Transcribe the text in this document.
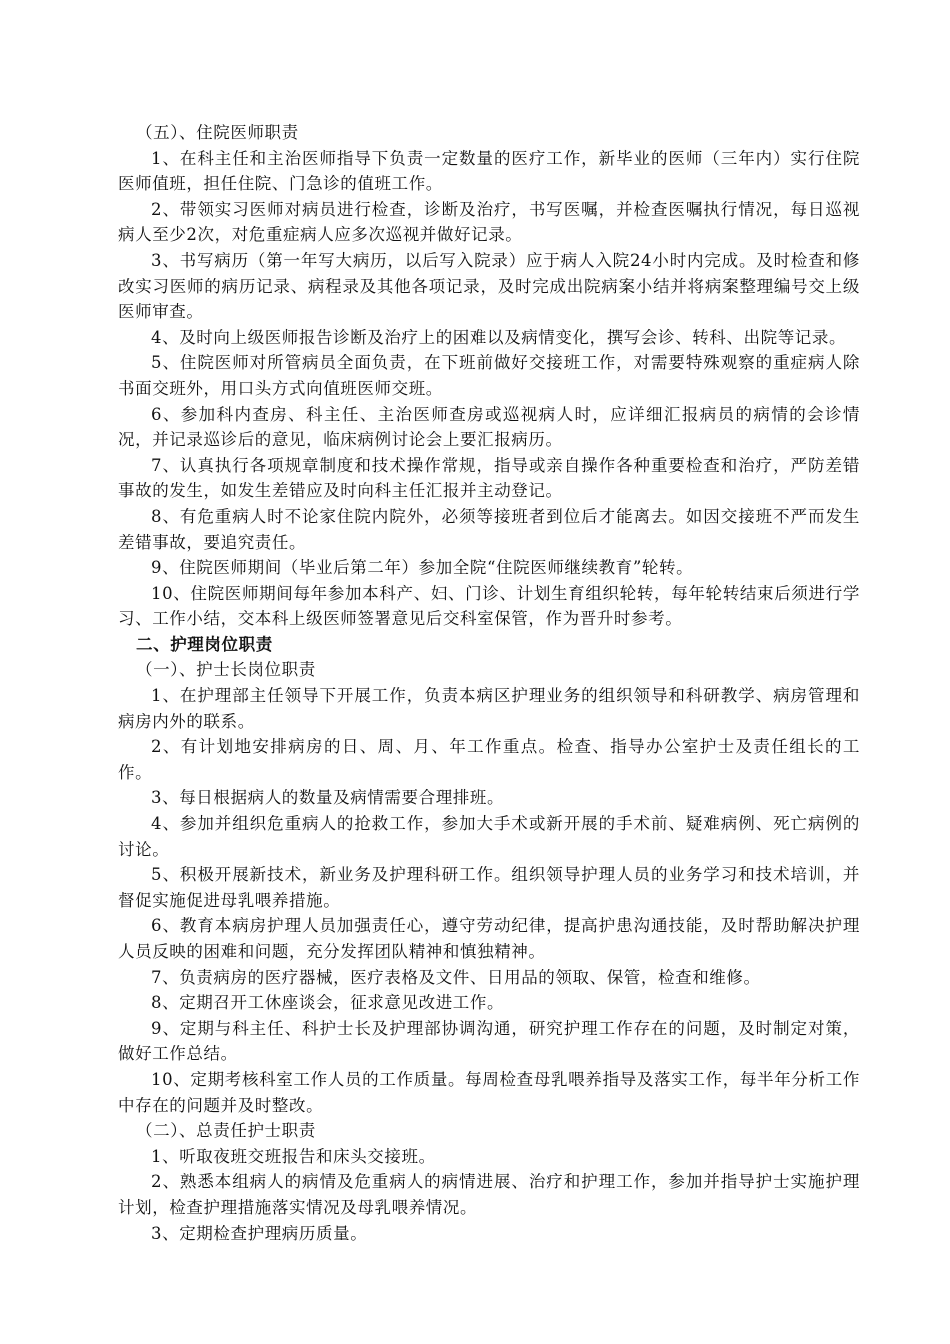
（五）、住院医师职责

1、在科主任和主治医师指导下负责一定数量的医疗工作，新毕业的医师（三年内）实行住院医师值班，担任住院、门急诊的值班工作。

2、带领实习医师对病员进行检查，诊断及治疗，书写医嘱，并检查医嘱执行情况，每日巡视病人至少2次，对危重症病人应多次巡视并做好记录。

3、书写病历（第一年写大病历，以后写入院录）应于病人入院24小时内完成。及时检查和修改实习医师的病历记录、病程录及其他各项记录，及时完成出院病案小结并将病案整理编号交上级医师审查。

4、及时向上级医师报告诊断及治疗上的困难以及病情变化，撰写会诊、转科、出院等记录。

5、住院医师对所管病员全面负责，在下班前做好交接班工作，对需要特殊观察的重症病人除书面交班外，用口头方式向值班医师交班。

6、参加科内查房、科主任、主治医师查房或巡视病人时，应详细汇报病员的病情的会诊情况，并记录巡诊后的意见，临床病例讨论会上要汇报病历。

7、认真执行各项规章制度和技术操作常规，指导或亲自操作各种重要检查和治疗，严防差错事故的发生，如发生差错应及时向科主任汇报并主动登记。

8、有危重病人时不论家住院内院外，必须等接班者到位后才能离去。如因交接班不严而发生差错事故，要追究责任。

9、住院医师期间（毕业后第二年）参加全院“住院医师继续教育”轮转。

10、住院医师期间每年参加本科产、妇、门诊、计划生育组织轮转，每年轮转结束后须进行学习、工作小结，交本科上级医师签署意见后交科室保管，作为晋升时参考。

二、护理岗位职责

（一）、护士长岗位职责

1、在护理部主任领导下开展工作，负责本病区护理业务的组织领导和科研教学、病房管理和病房内外的联系。

2、有计划地安排病房的日、周、月、年工作重点。检查、指导办公室护士及责任组长的工作。

3、每日根据病人的数量及病情需要合理排班。

4、参加并组织危重病人的抢救工作，参加大手术或新开展的手术前、疑难病例、死亡病例的讨论。

5、积极开展新技术，新业务及护理科研工作。组织领导护理人员的业务学习和技术培训，并督促实施促进母乳喂养措施。

6、教育本病房护理人员加强责任心，遵守劳动纪律，提高护患沟通技能，及时帮助解决护理人员反映的困难和问题，充分发挥团队精神和慎独精神。

7、负责病房的医疗器械，医疗表格及文件、日用品的领取、保管，检查和维修。

8、定期召开工休座谈会，征求意见改进工作。

9、定期与科主任、科护士长及护理部协调沟通，研究护理工作存在的问题，及时制定对策，做好工作总结。

10、定期考核科室工作人员的工作质量。每周检查母乳喂养指导及落实工作，每半年分析工作中存在的问题并及时整改。

（二）、总责任护士职责

1、听取夜班交班报告和床头交接班。

2、熟悉本组病人的病情及危重病人的病情进展、治疗和护理工作，参加并指导护士实施护理计划，检查护理措施落实情况及母乳喂养情况。

3、定期检查护理病历质量。
